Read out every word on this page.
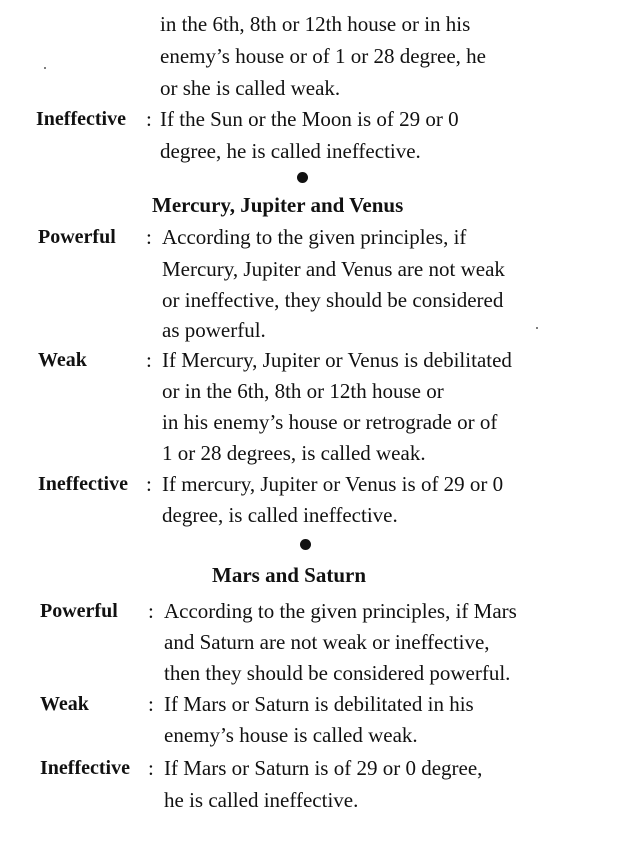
in the 6th, 8th or 12th house or in his
enemy’s house or of 1 or 28 degree, he
or she is called weak.
Ineffective : If the Sun or the Moon is of 29 or 0
degree, he is called ineffective.
Mercury, Jupiter and Venus
Powerful : According to the given principles, if
Mercury, Jupiter and Venus are not weak
or ineffective, they should be considered
as powerful.
Weak	: If Mercury, Jupiter or Venus is debilitated
or in the 6th, 8th or 12th house or
in his enemy’s house or retrograde or of
1 or 28 degrees, is called weak.
Ineffective : If mercury, Jupiter or Venus is of 29 or 0
degree, is called ineffective.
Mars and Saturn
Powerful : According to the given principles, if Mars
and Saturn are not weak or ineffective,
then they should be considered powerful.
Weak	: If Mars or Saturn is debilitated in his
enemy’s house is called weak.
Ineffective : If Mars or Saturn is of 29 or 0 degree,
he is called ineffective.
